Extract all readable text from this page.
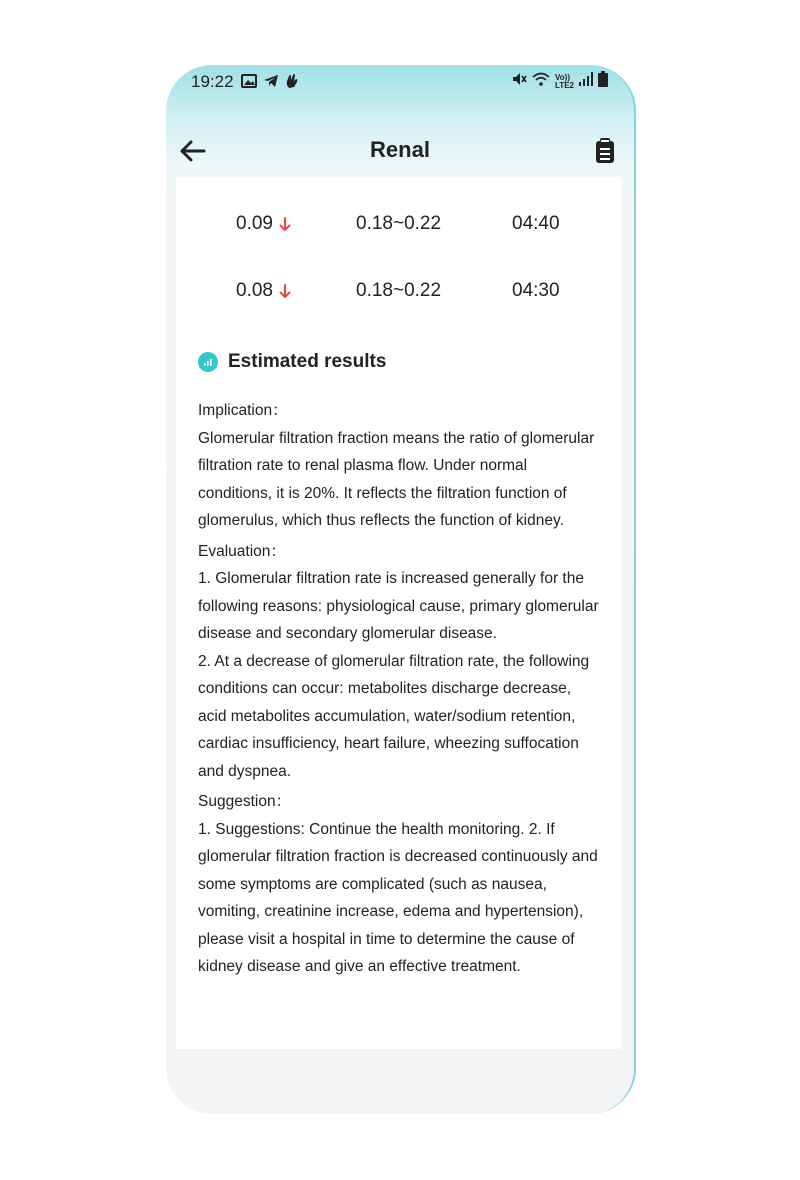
19:22	Vo))
LTE2
Renal
0.09	0.18~0.22	04:40
0.08	0.18~0.22	04:30
Estimated results

Implication：

Glomerular filtration fraction means the ratio of glomerular filtration rate to renal plasma flow. Under normal conditions, it is 20%. It reflects the filtration function of glomerulus, which thus reflects the function of kidney.

Evaluation：

1. Glomerular filtration rate is increased generally for the following reasons: physiological cause, primary glomerular disease and secondary glomerular disease.

2. At a decrease of glomerular filtration rate, the following conditions can occur: metabolites discharge decrease, acid metabolites accumulation, water/sodium retention, cardiac insufficiency, heart failure, wheezing suffocation and dyspnea.

Suggestion：

1. Suggestions: Continue the health monitoring. 2. If glomerular filtration fraction is decreased continuously and some symptoms are complicated (such as nausea, vomiting, creatinine increase, edema and hypertension), please visit a hospital in time to determine the cause of kidney disease and give an effective treatment.
